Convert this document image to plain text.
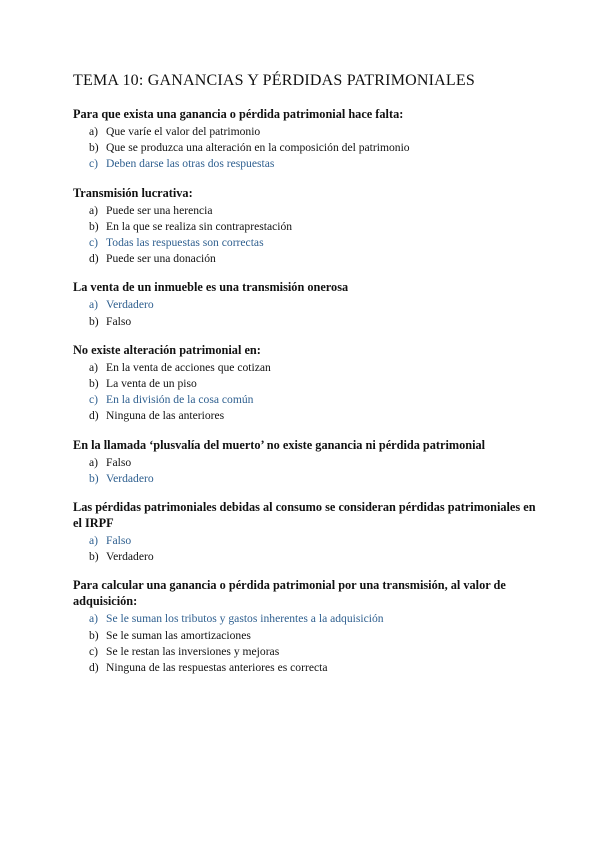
TEMA 10: GANANCIAS Y PÉRDIDAS PATRIMONIALES

Para que exista una ganancia o pérdida patrimonial hace falta:

a) Que varíe el valor del patrimonio
b) Que se produzca una alteración en la composición del patrimonio
c) Deben darse las otras dos respuestas

Transmisión lucrativa:

a) Puede ser una herencia
b) En la que se realiza sin contraprestación
c) Todas las respuestas son correctas
d) Puede ser una donación

La venta de un inmueble es una transmisión onerosa

a) Verdadero
b) Falso

No existe alteración patrimonial en:

a) En la venta de acciones que cotizan
b) La venta de un piso
c) En la división de la cosa común
d) Ninguna de las anteriores

En la llamada ‘plusvalía del muerto’ no existe ganancia ni pérdida patrimonial

a) Falso
b) Verdadero

Las pérdidas patrimoniales debidas al consumo se consideran pérdidas patrimoniales en el IRPF

a) Falso
b) Verdadero

Para calcular una ganancia o pérdida patrimonial por una transmisión, al valor de adquisición:

a) Se le suman los tributos y gastos inherentes a la adquisición
b) Se le suman las amortizaciones
c) Se le restan las inversiones y mejoras
d) Ninguna de las respuestas anteriores es correcta
